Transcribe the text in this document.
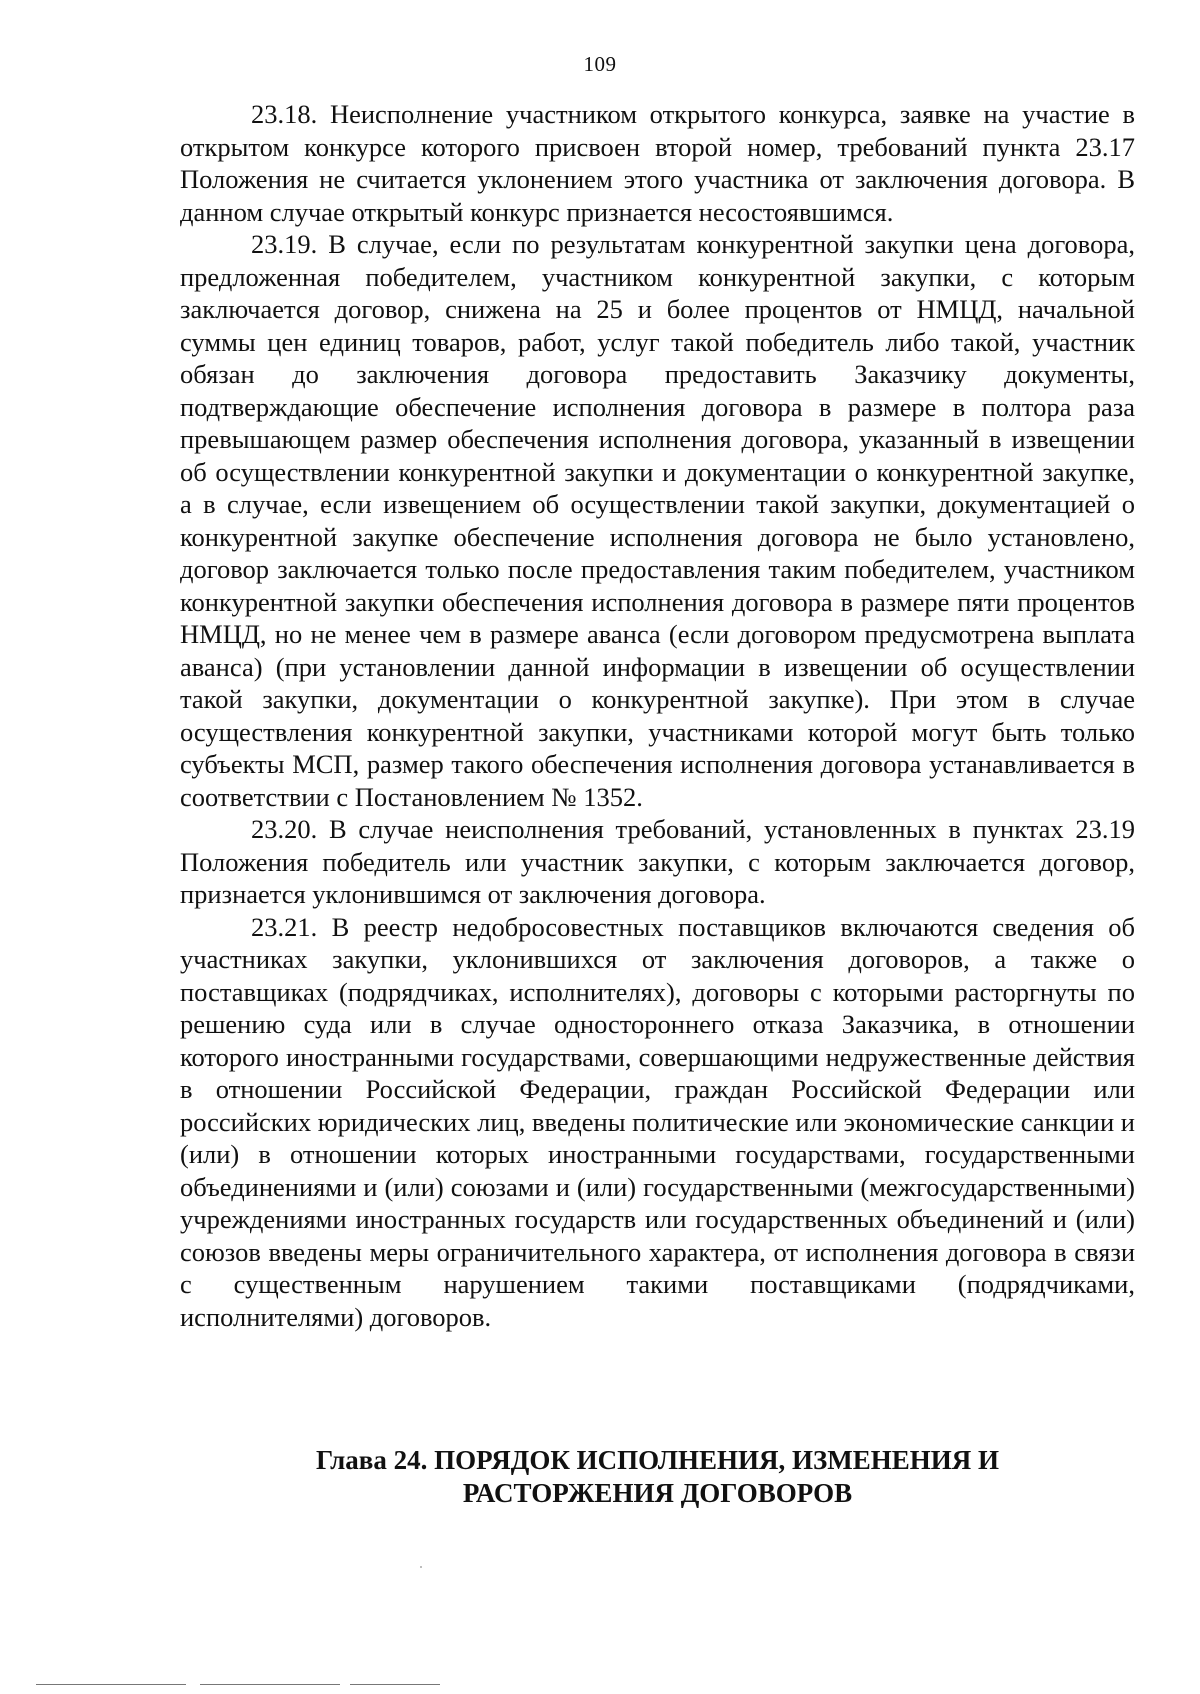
109

23.18. Неисполнение участником открытого конкурса, заявке на участие в открытом конкурсе которого присвоен второй номер, требований пункта 23.17 Положения не считается уклонением этого участника от заключения договора. В данном случае открытый конкурс признается несостоявшимся.

23.19. В случае, если по результатам конкурентной закупки цена договора, предложенная победителем, участником конкурентной закупки, с которым заключается договор, снижена на 25 и более процентов от НМЦД, начальной суммы цен единиц товаров, работ, услуг такой победитель либо такой, участник обязан до заключения договора предоставить Заказчику документы, подтверждающие обеспечение исполнения договора в размере в полтора раза превышающем размер обеспечения исполнения договора, указанный в извещении об осуществлении конкурентной закупки и документации о конкурентной закупке, а в случае, если извещением об осуществлении такой закупки, документацией о конкурентной закупке обеспечение исполнения договора не было установлено, договор заключается только после предоставления таким победителем, участником конкурентной закупки обеспечения исполнения договора в размере пяти процентов НМЦД, но не менее чем в размере аванса (если договором предусмотрена выплата аванса) (при установлении данной информации в извещении об осуществлении такой закупки, документации о конкурентной закупке). При этом в случае осуществления конкурентной закупки, участниками которой могут быть только субъекты МСП, размер такого обеспечения исполнения договора устанавливается в соответствии с Постановлением № 1352.

23.20. В случае неисполнения требований, установленных в пунктах 23.19 Положения победитель или участник закупки, с которым заключается договор, признается уклонившимся от заключения договора.

23.21. В реестр недобросовестных поставщиков включаются сведения об участниках закупки, уклонившихся от заключения договоров, а также о поставщиках (подрядчиках, исполнителях), договоры с которыми расторгнуты по решению суда или в случае одностороннего отказа Заказчика, в отношении которого иностранными государствами, совершающими недружественные действия в отношении Российской Федерации, граждан Российской Федерации или российских юридических лиц, введены политические или экономические санкции и (или) в отношении которых иностранными государствами, государственными объединениями и (или) союзами и (или) государственными (межгосударственными) учреждениями иностранных государств или государственных объединений и (или) союзов введены меры ограничительного характера, от исполнения договора в связи с существенным нарушением такими поставщиками (подрядчиками, исполнителями) договоров.

Глава 24. ПОРЯДОК ИСПОЛНЕНИЯ, ИЗМЕНЕНИЯ И
РАСТОРЖЕНИЯ ДОГОВОРОВ
